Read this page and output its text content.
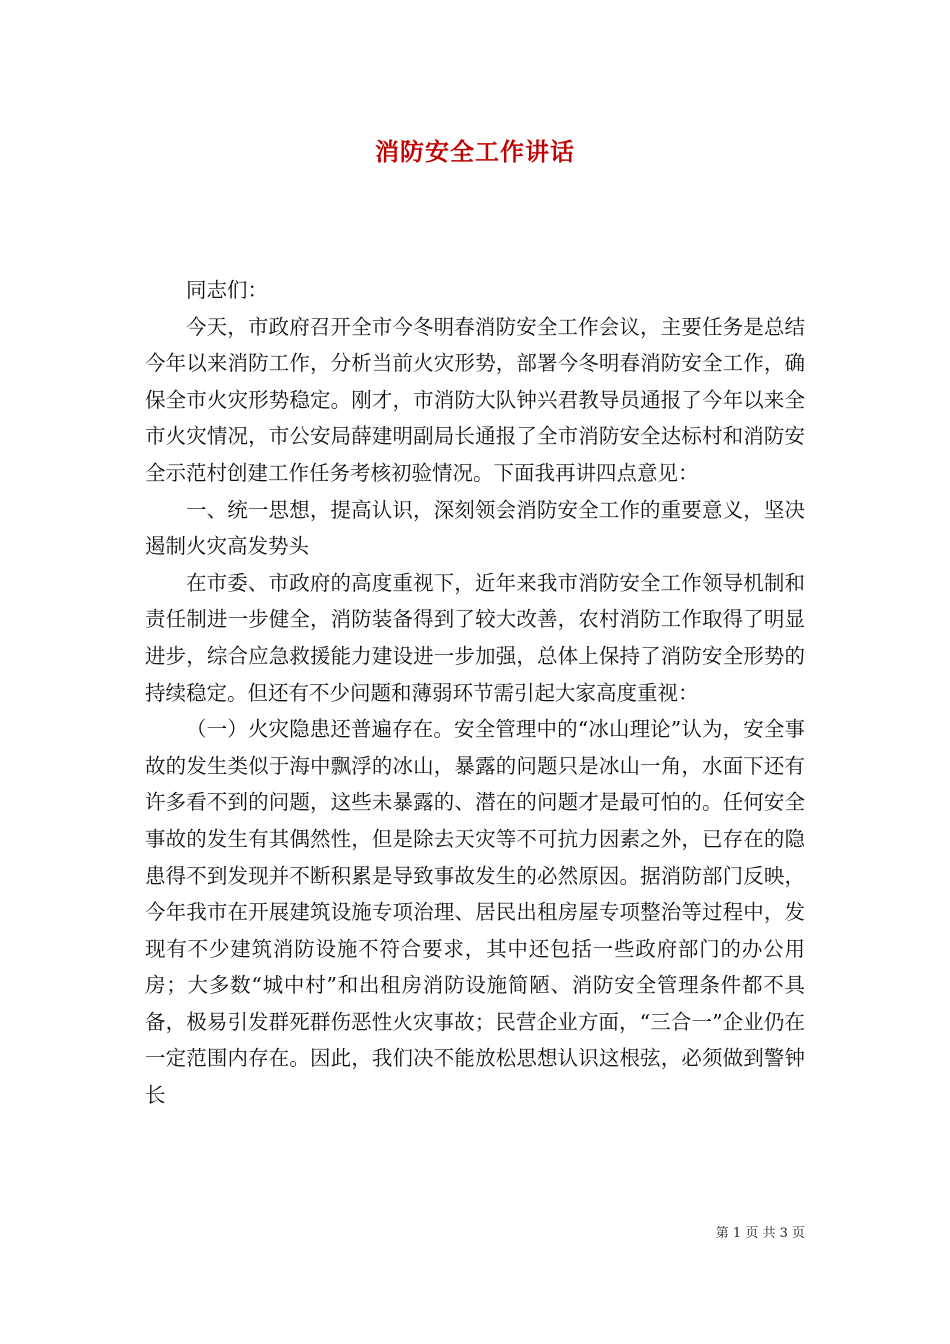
消防安全工作讲话

同志们：

今天，市政府召开全市今冬明春消防安全工作会议，主要任务是总结今年以来消防工作，分析当前火灾形势，部署今冬明春消防安全工作，确保全市火灾形势稳定。刚才，市消防大队钟兴君教导员通报了今年以来全市火灾情况，市公安局薛建明副局长通报了全市消防安全达标村和消防安全示范村创建工作任务考核初验情况。下面我再讲四点意见：

一、统一思想，提高认识，深刻领会消防安全工作的重要意义，坚决遏制火灾高发势头

在市委、市政府的高度重视下，近年来我市消防安全工作领导机制和责任制进一步健全，消防装备得到了较大改善，农村消防工作取得了明显进步，综合应急救援能力建设进一步加强，总体上保持了消防安全形势的持续稳定。但还有不少问题和薄弱环节需引起大家高度重视：

（一）火灾隐患还普遍存在。安全管理中的“冰山理论”认为，安全事故的发生类似于海中飘浮的冰山，暴露的问题只是冰山一角，水面下还有许多看不到的问题，这些未暴露的、潜在的问题才是最可怕的。任何安全事故的发生有其偶然性，但是除去天灾等不可抗力因素之外，已存在的隐患得不到发现并不断积累是导致事故发生的必然原因。据消防部门反映，今年我市在开展建筑设施专项治理、居民出租房屋专项整治等过程中，发现有不少建筑消防设施不符合要求，其中还包括一些政府部门的办公用房；大多数“城中村”和出租房消防设施简陋、消防安全管理条件都不具备，极易引发群死群伤恶性火灾事故；民营企业方面，“三合一”企业仍在一定范围内存在。因此，我们决不能放松思想认识这根弦，必须做到警钟长

第 1 页 共 3 页
